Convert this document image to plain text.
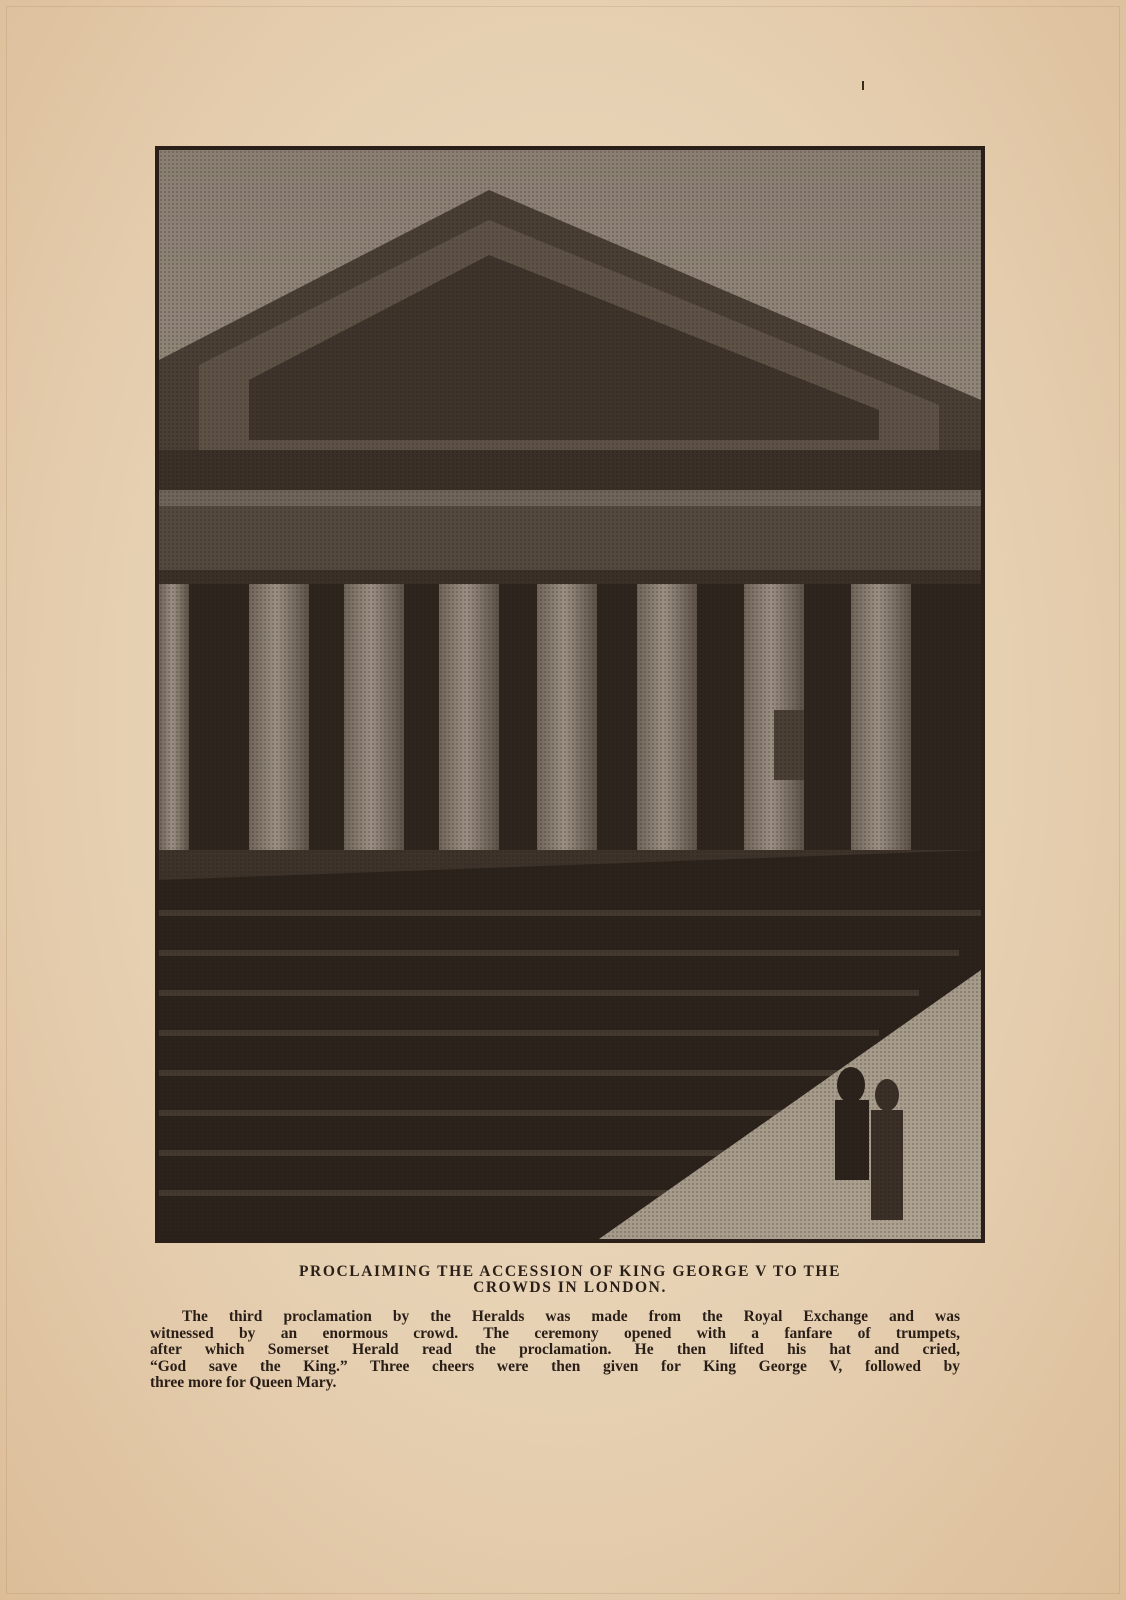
PROCLAIMING THE ACCESSION OF KING GEORGE V TO THE
CROWDS IN LONDON.
The third proclamation by the Heralds was made from the Royal Exchange and was
witnessed by an enormous crowd. The ceremony opened with a fanfare of trumpets,
after which Somerset Herald read the proclamation. He then lifted his hat and cried,
“God save the King.” Three cheers were then given for King George V, followed by
three more for Queen Mary.
